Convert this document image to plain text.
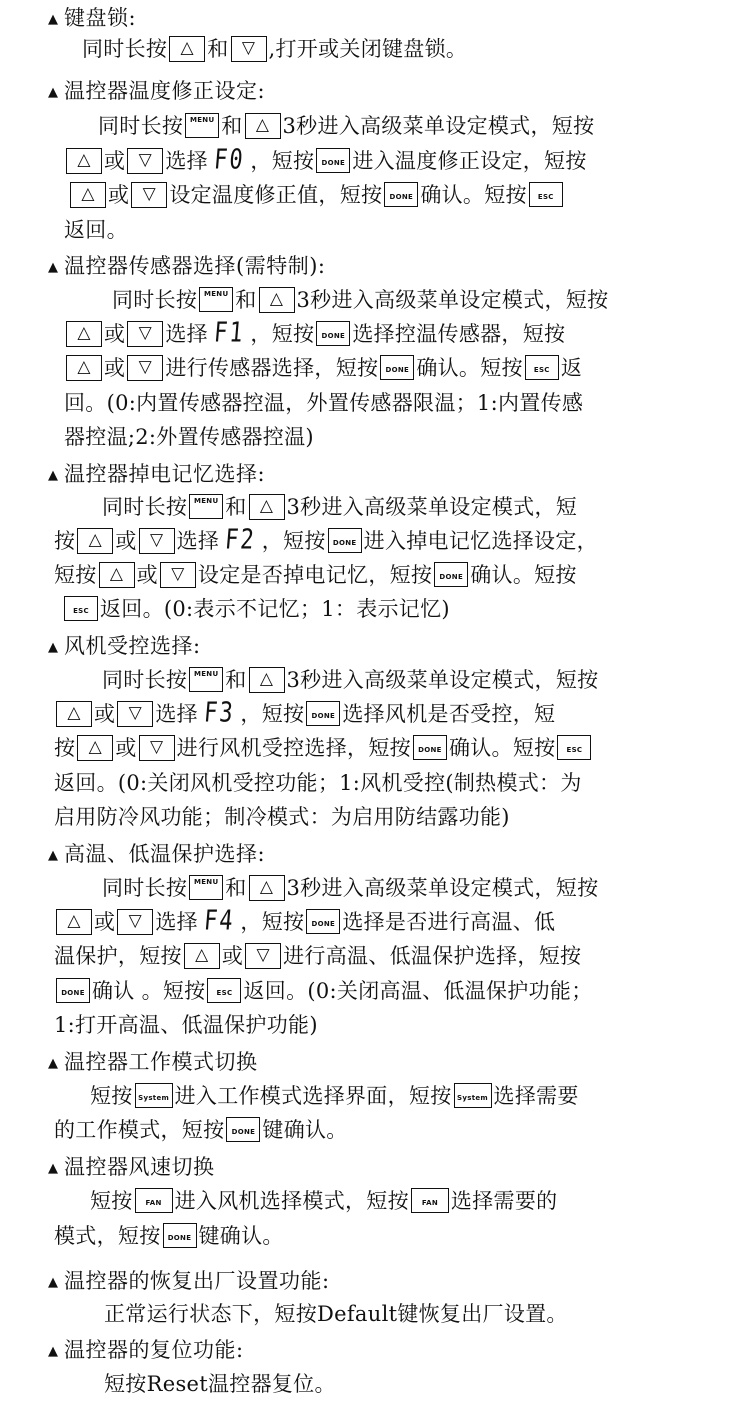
▲ 键盘锁:
同时长按 △ 和 ▽ ,打开或关闭键盘锁。
▲ 温控器温度修正设定:
同时长按 MENU 和 △ 3秒进入高级菜单设定模式，短按
△ 或 ▽ 选择 F0 ，短按 DONE 进入温度修正设定，短按
△ 或 ▽ 设定温度修正值，短按 DONE 确认。短按 ESC
返回。
▲ 温控器传感器选择(需特制):
同时长按 MENU 和 △ 3秒进入高级菜单设定模式，短按
△ 或 ▽ 选择 F1 ，短按 DONE 选择控温传感器，短按
△ 或 ▽ 进行传感器选择，短按 DONE 确认。短按 ESC 返
回。(0:内置传感器控温，外置传感器限温；1:内置传感
器控温;2:外置传感器控温)
▲ 温控器掉电记忆选择:
同时长按 MENU 和 △ 3秒进入高级菜单设定模式，短
按 △ 或 ▽ 选择 F2 ，短按 DONE 进入掉电记忆选择设定，
短按 △ 或 ▽ 设定是否掉电记忆，短按 DONE 确认。短按
ESC 返回。(0:表示不记忆；1：表示记忆)
▲ 风机受控选择:
同时长按 MENU 和 △ 3秒进入高级菜单设定模式，短按
△ 或 ▽ 选择 F3 ，短按 DONE 选择风机是否受控，短
按 △ 或 ▽ 进行风机受控选择，短按 DONE 确认。短按 ESC
返回。(0:关闭风机受控功能；1:风机受控(制热模式：为
启用防冷风功能；制冷模式：为启用防结露功能)
▲ 高温、低温保护选择:
同时长按 MENU 和 △ 3秒进入高级菜单设定模式，短按
△ 或 ▽ 选择 F4 ，短按 DONE 选择是否进行高温、低
温保护，短按 △ 或 ▽ 进行高温、低温保护选择，短按
DONE 确认 。短按 ESC 返回。(0:关闭高温、低温保护功能；
1:打开高温、低温保护功能)
▲ 温控器工作模式切换
短按 System 进入工作模式选择界面，短按 System 选择需要
的工作模式，短按 DONE 键确认。
▲ 温控器风速切换
短按 FAN 进入风机选择模式，短按 FAN 选择需要的
模式，短按 DONE 键确认。
▲ 温控器的恢复出厂设置功能:
正常运行状态下，短按Default键恢复出厂设置。
▲ 温控器的复位功能:
短按Reset温控器复位。
